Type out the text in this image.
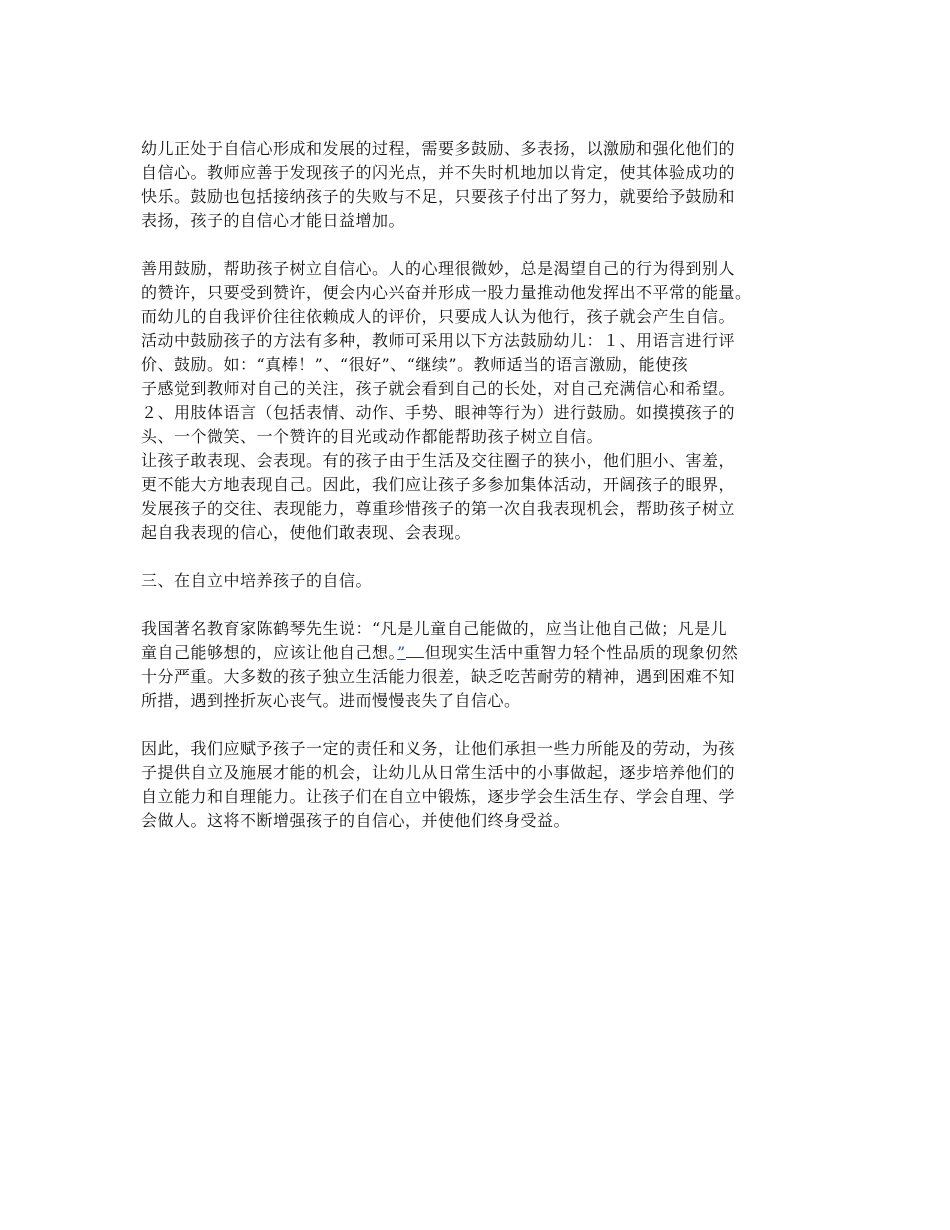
幼儿正处于自信心形成和发展的过程，需要多鼓励、多表扬，以激励和强化他们的
自信心。教师应善于发现孩子的闪光点，并不失时机地加以肯定，使其体验成功的
快乐。鼓励也包括接纳孩子的失败与不足，只要孩子付出了努力，就要给予鼓励和
表扬，孩子的自信心才能日益增加。
善用鼓励，帮助孩子树立自信心。人的心理很微妙，总是渴望自己的行为得到别人
的赞许，只要受到赞许，便会内心兴奋并形成一股力量推动他发挥出不平常的能量。
而幼儿的自我评价往往依赖成人的评价，只要成人认为他行，孩子就会产生自信。
活动中鼓励孩子的方法有多种，教师可采用以下方法鼓励幼儿：１、用语言进行评
价、鼓励。如：“真棒！”、“很好”、“继续”。教师适当的语言激励，能使孩
子感觉到教师对自己的关注，孩子就会看到自己的长处，对自己充满信心和希望。
２、用肢体语言（包括表情、动作、手势、眼神等行为）进行鼓励。如摸摸孩子的
头、一个微笑、一个赞许的目光或动作都能帮助孩子树立自信。
让孩子敢表现、会表现。有的孩子由于生活及交往圈子的狭小，他们胆小、害羞，
更不能大方地表现自己。因此，我们应让孩子多参加集体活动，开阔孩子的眼界，
发展孩子的交往、表现能力，尊重珍惜孩子的第一次自我表现机会，帮助孩子树立
起自我表现的信心，使他们敢表现、会表现。
三、在自立中培养孩子的自信。
我国著名教育家陈鹤琴先生说：“凡是儿童自己能做的，应当让他自己做；凡是儿
童自己能够想的，应该让他自己想。” 但现实生活中重智力轻个性品质的现象仞然
十分严重。大多数的孩子独立生活能力很差，缺乏吃苦耐劳的精神，遇到困难不知
所措，遇到挫折灰心丧气。进而慢慢丧失了自信心。
因此，我们应赋予孩子一定的责任和义务，让他们承担一些力所能及的劳动，为孩
子提供自立及施展才能的机会，让幼儿从日常生活中的小事做起，逐步培养他们的
自立能力和自理能力。让孩子们在自立中锻炼，逐步学会生活生存、学会自理、学
会做人。这将不断增强孩子的自信心，并使他们终身受益。
